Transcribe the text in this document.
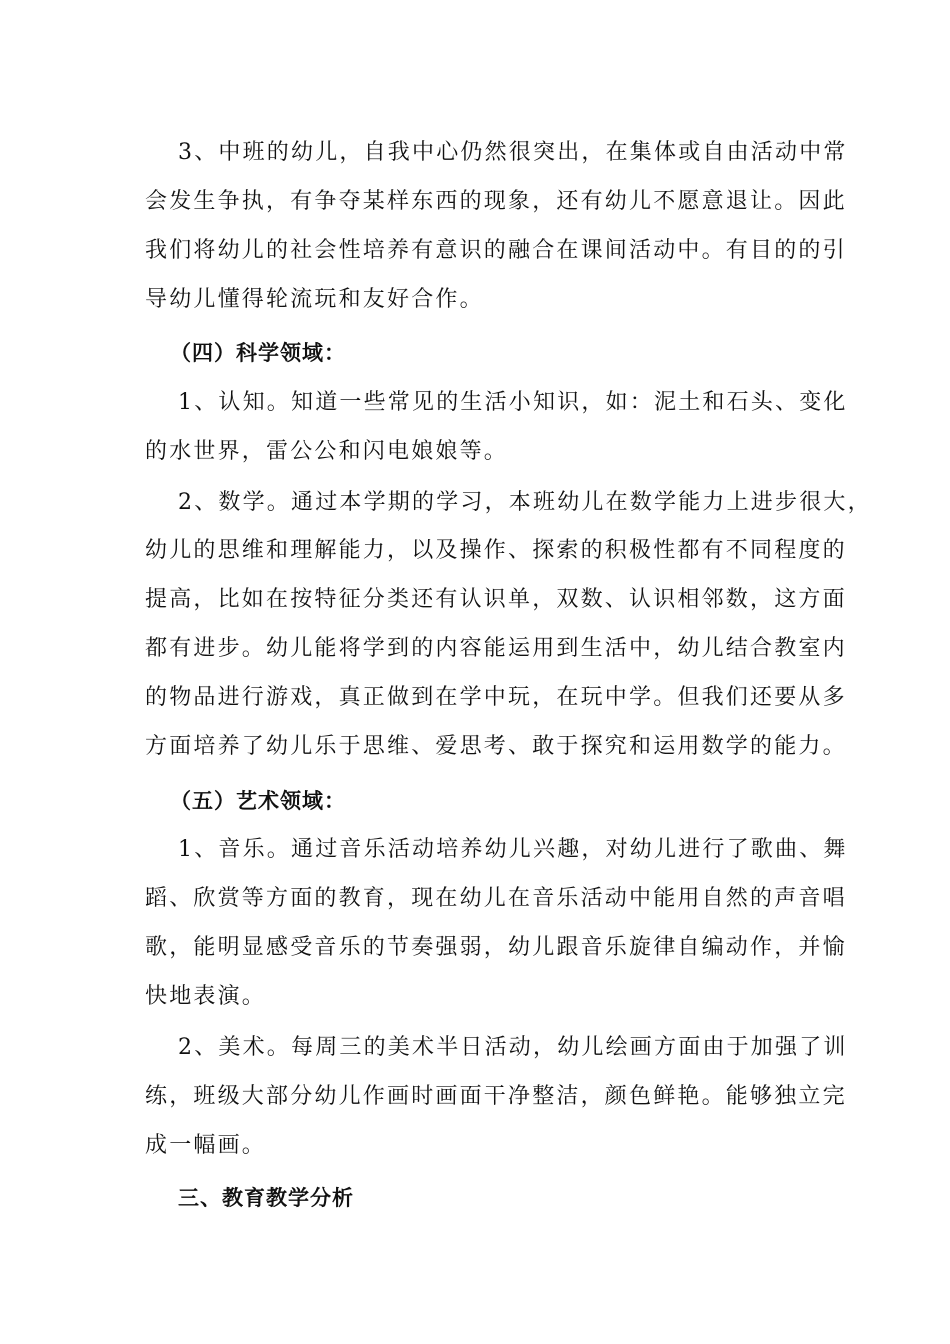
3、中班的幼儿，自我中心仍然很突出，在集体或自由活动中常
会发生争执，有争夺某样东西的现象，还有幼儿不愿意退让。因此
我们将幼儿的社会性培养有意识的融合在课间活动中。有目的的引
导幼儿懂得轮流玩和友好合作。
（四）科学领域：
1、认知。知道一些常见的生活小知识，如：泥土和石头、变化
的水世界，雷公公和闪电娘娘等。
2、数学。通过本学期的学习，本班幼儿在数学能力上进步很大，
幼儿的思维和理解能力，以及操作、探索的积极性都有不同程度的
提高，比如在按特征分类还有认识单，双数、认识相邻数，这方面
都有进步。幼儿能将学到的内容能运用到生活中，幼儿结合教室内
的物品进行游戏，真正做到在学中玩，在玩中学。但我们还要从多
方面培养了幼儿乐于思维、爱思考、敢于探究和运用数学的能力。
（五）艺术领域：
1、音乐。通过音乐活动培养幼儿兴趣，对幼儿进行了歌曲、舞
蹈、欣赏等方面的教育，现在幼儿在音乐活动中能用自然的声音唱
歌，能明显感受音乐的节奏强弱，幼儿跟音乐旋律自编动作，并愉
快地表演。
2、美术。每周三的美术半日活动，幼儿绘画方面由于加强了训
练，班级大部分幼儿作画时画面干净整洁，颜色鲜艳。能够独立完
成一幅画。
三、教育教学分析
